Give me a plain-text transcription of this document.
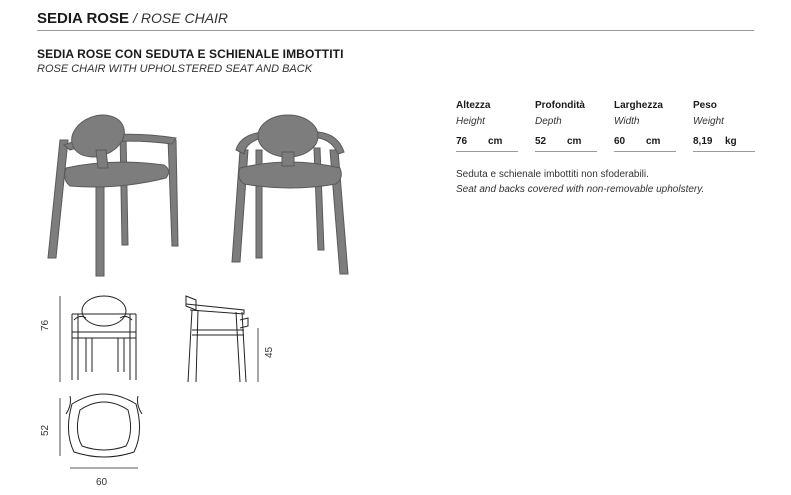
SEDIA ROSE / ROSE CHAIR
SEDIA ROSE CON SEDUTA E SCHIENALE IMBOTTITI
ROSE CHAIR WITH UPHOLSTERED SEAT AND BACK
Altezza
Height
76 cm
Profondità
Depth
52 cm
Larghezza
Width
60 cm
Peso
Weight
8,19 kg
Seduta e schienale imbottiti non sfoderabili.
Seat and backs covered with non-removable upholstery.
76
45
52
60
